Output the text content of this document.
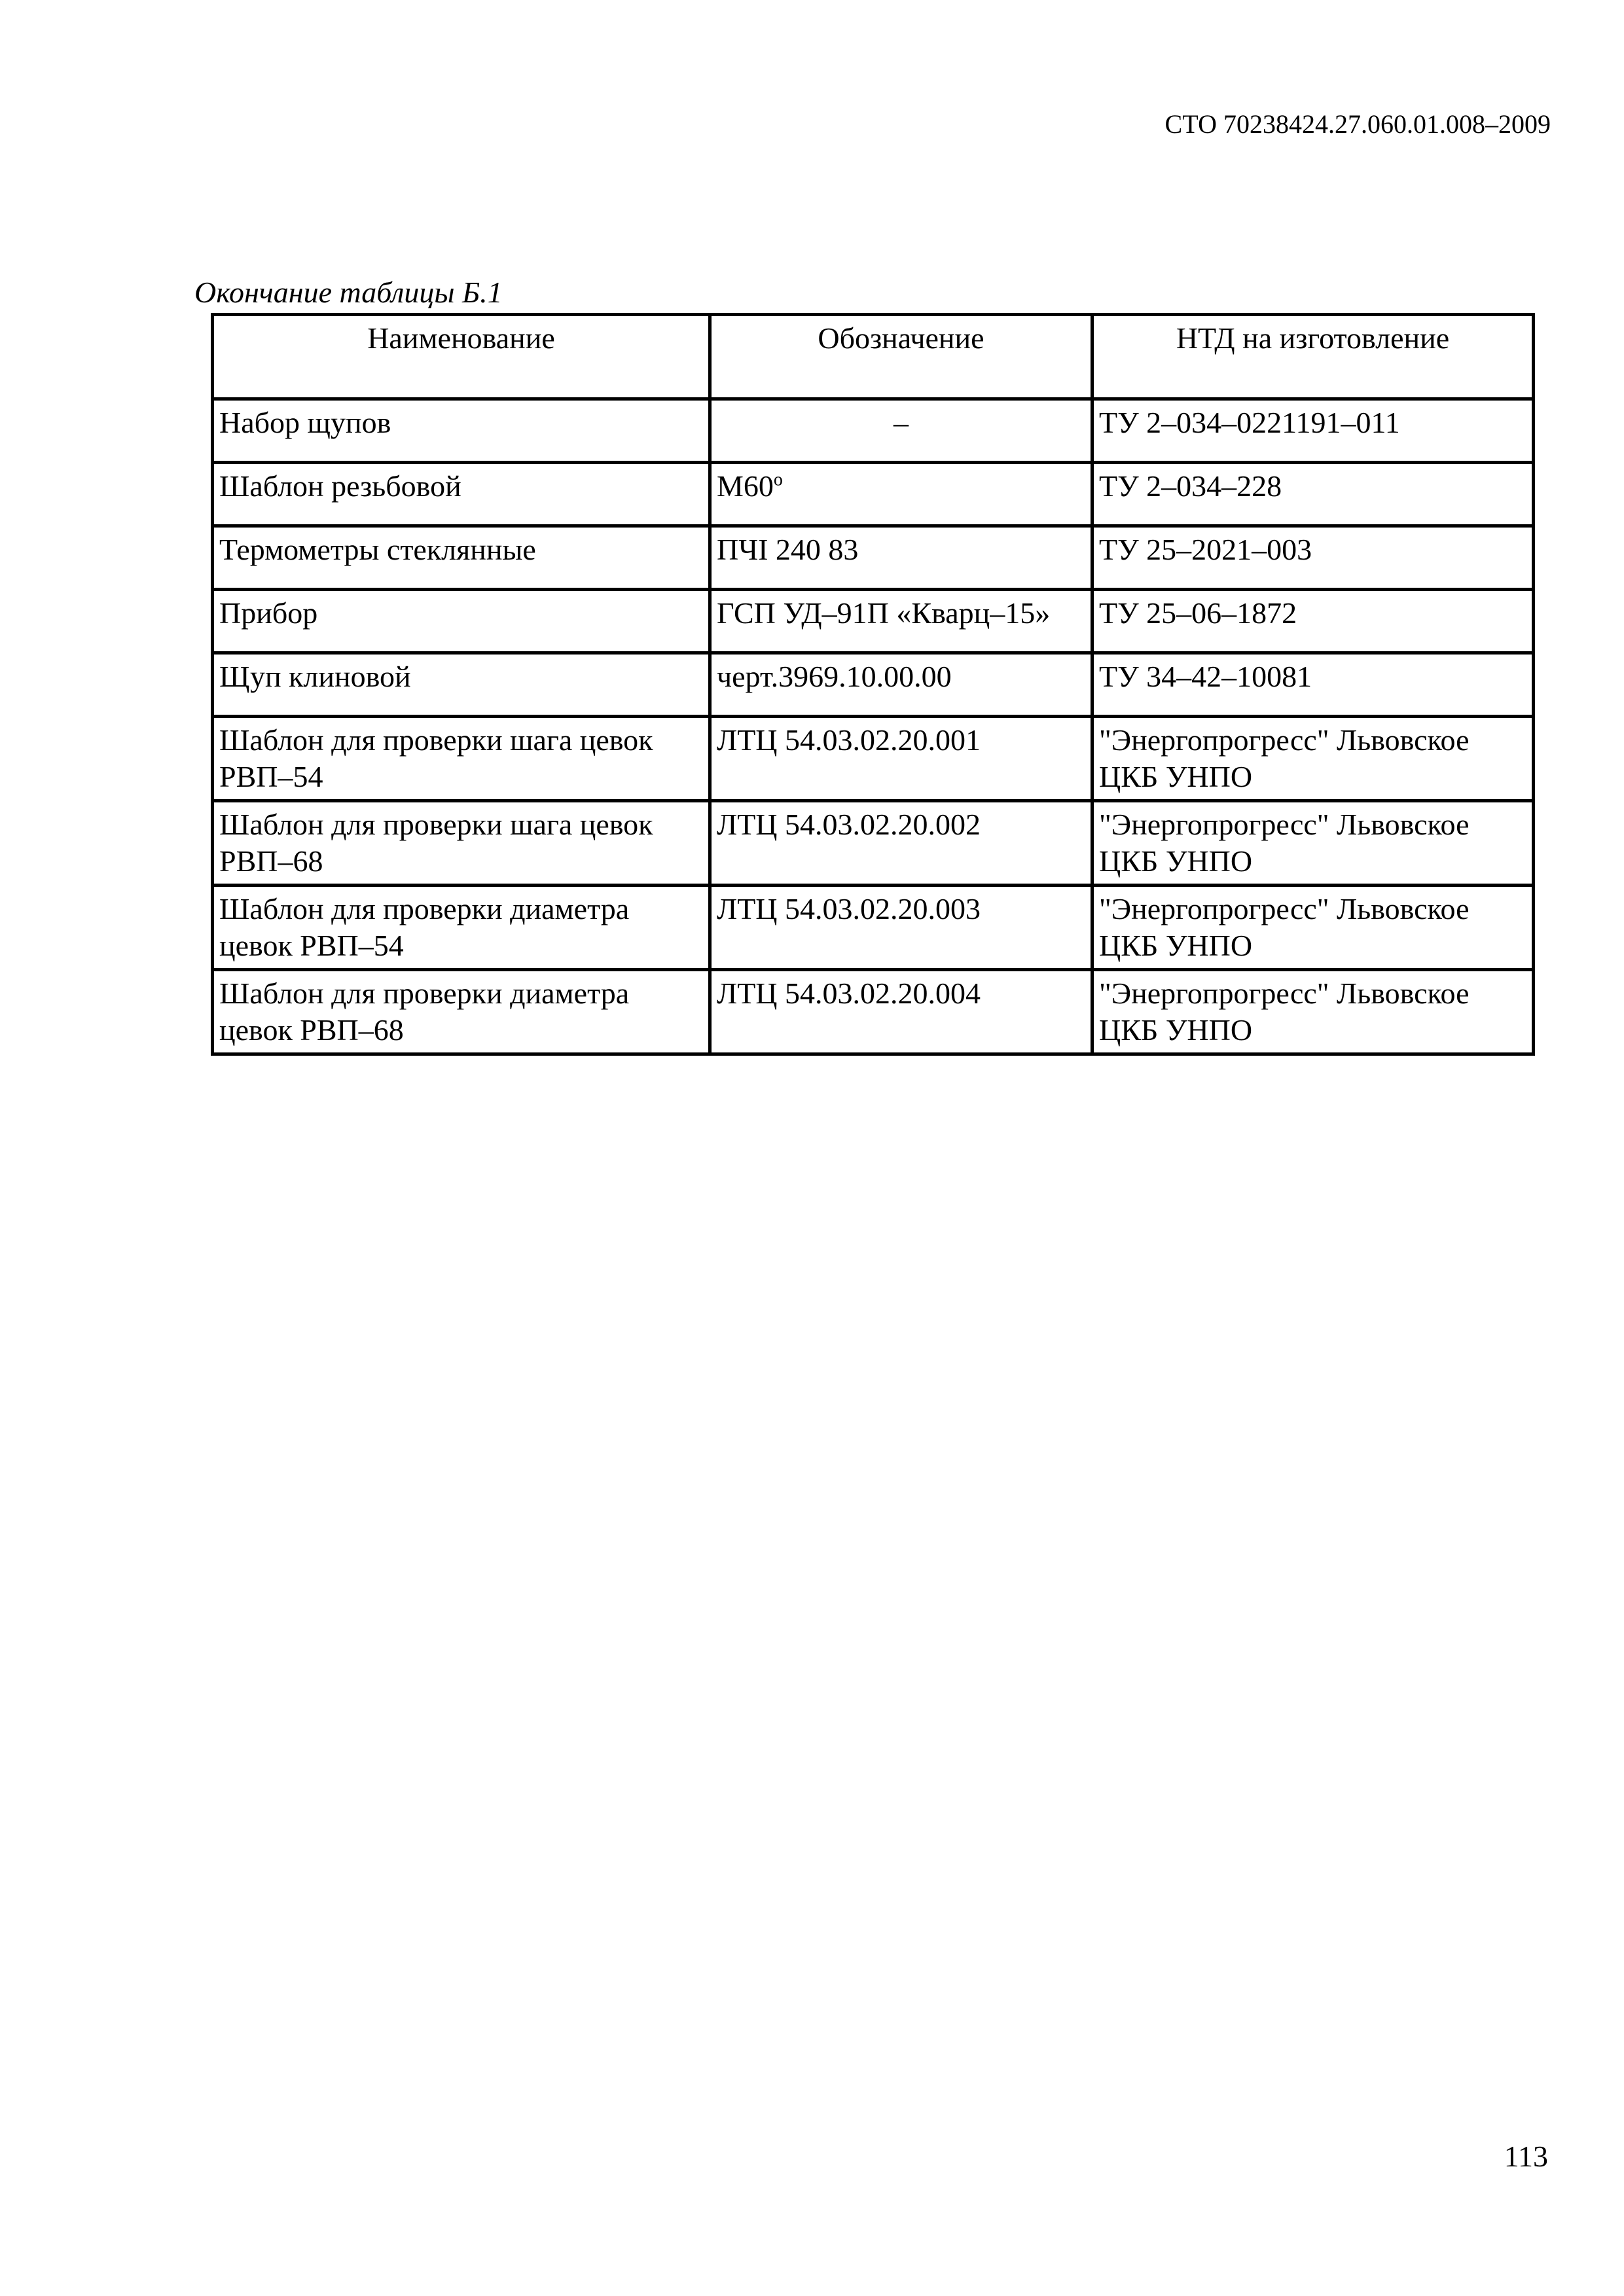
СТО 70238424.27.060.01.008–2009
Окончание таблицы Б.1
Наименование	Обозначение	НТД на изготовление
Набор щупов	–	ТУ 2–034–0221191–011
Шаблон резьбовой	$М60^о$	ТУ 2–034–228
Термометры стеклянные	ПЧI 240 83	ТУ 25–2021–003
Прибор	ГСП УД–91П «Кварц–15»	ТУ 25–06–1872
Щуп клиновой	черт.3969.10.00.00	ТУ 34–42–10081
Шаблон для проверки шага цевок РВП–54	ЛТЦ 54.03.02.20.001	"Энергопрогресс" Львовское ЦКБ УНПО
Шаблон для проверки шага цевок РВП–68	ЛТЦ 54.03.02.20.002	"Энергопрогресс" Львовское ЦКБ УНПО
Шаблон для проверки диаметра цевок РВП–54	ЛТЦ 54.03.02.20.003	"Энергопрогресс" Львовское ЦКБ УНПО
Шаблон для проверки диаметра цевок РВП–68	ЛТЦ 54.03.02.20.004	"Энергопрогресс" Львовское ЦКБ УНПО
113
